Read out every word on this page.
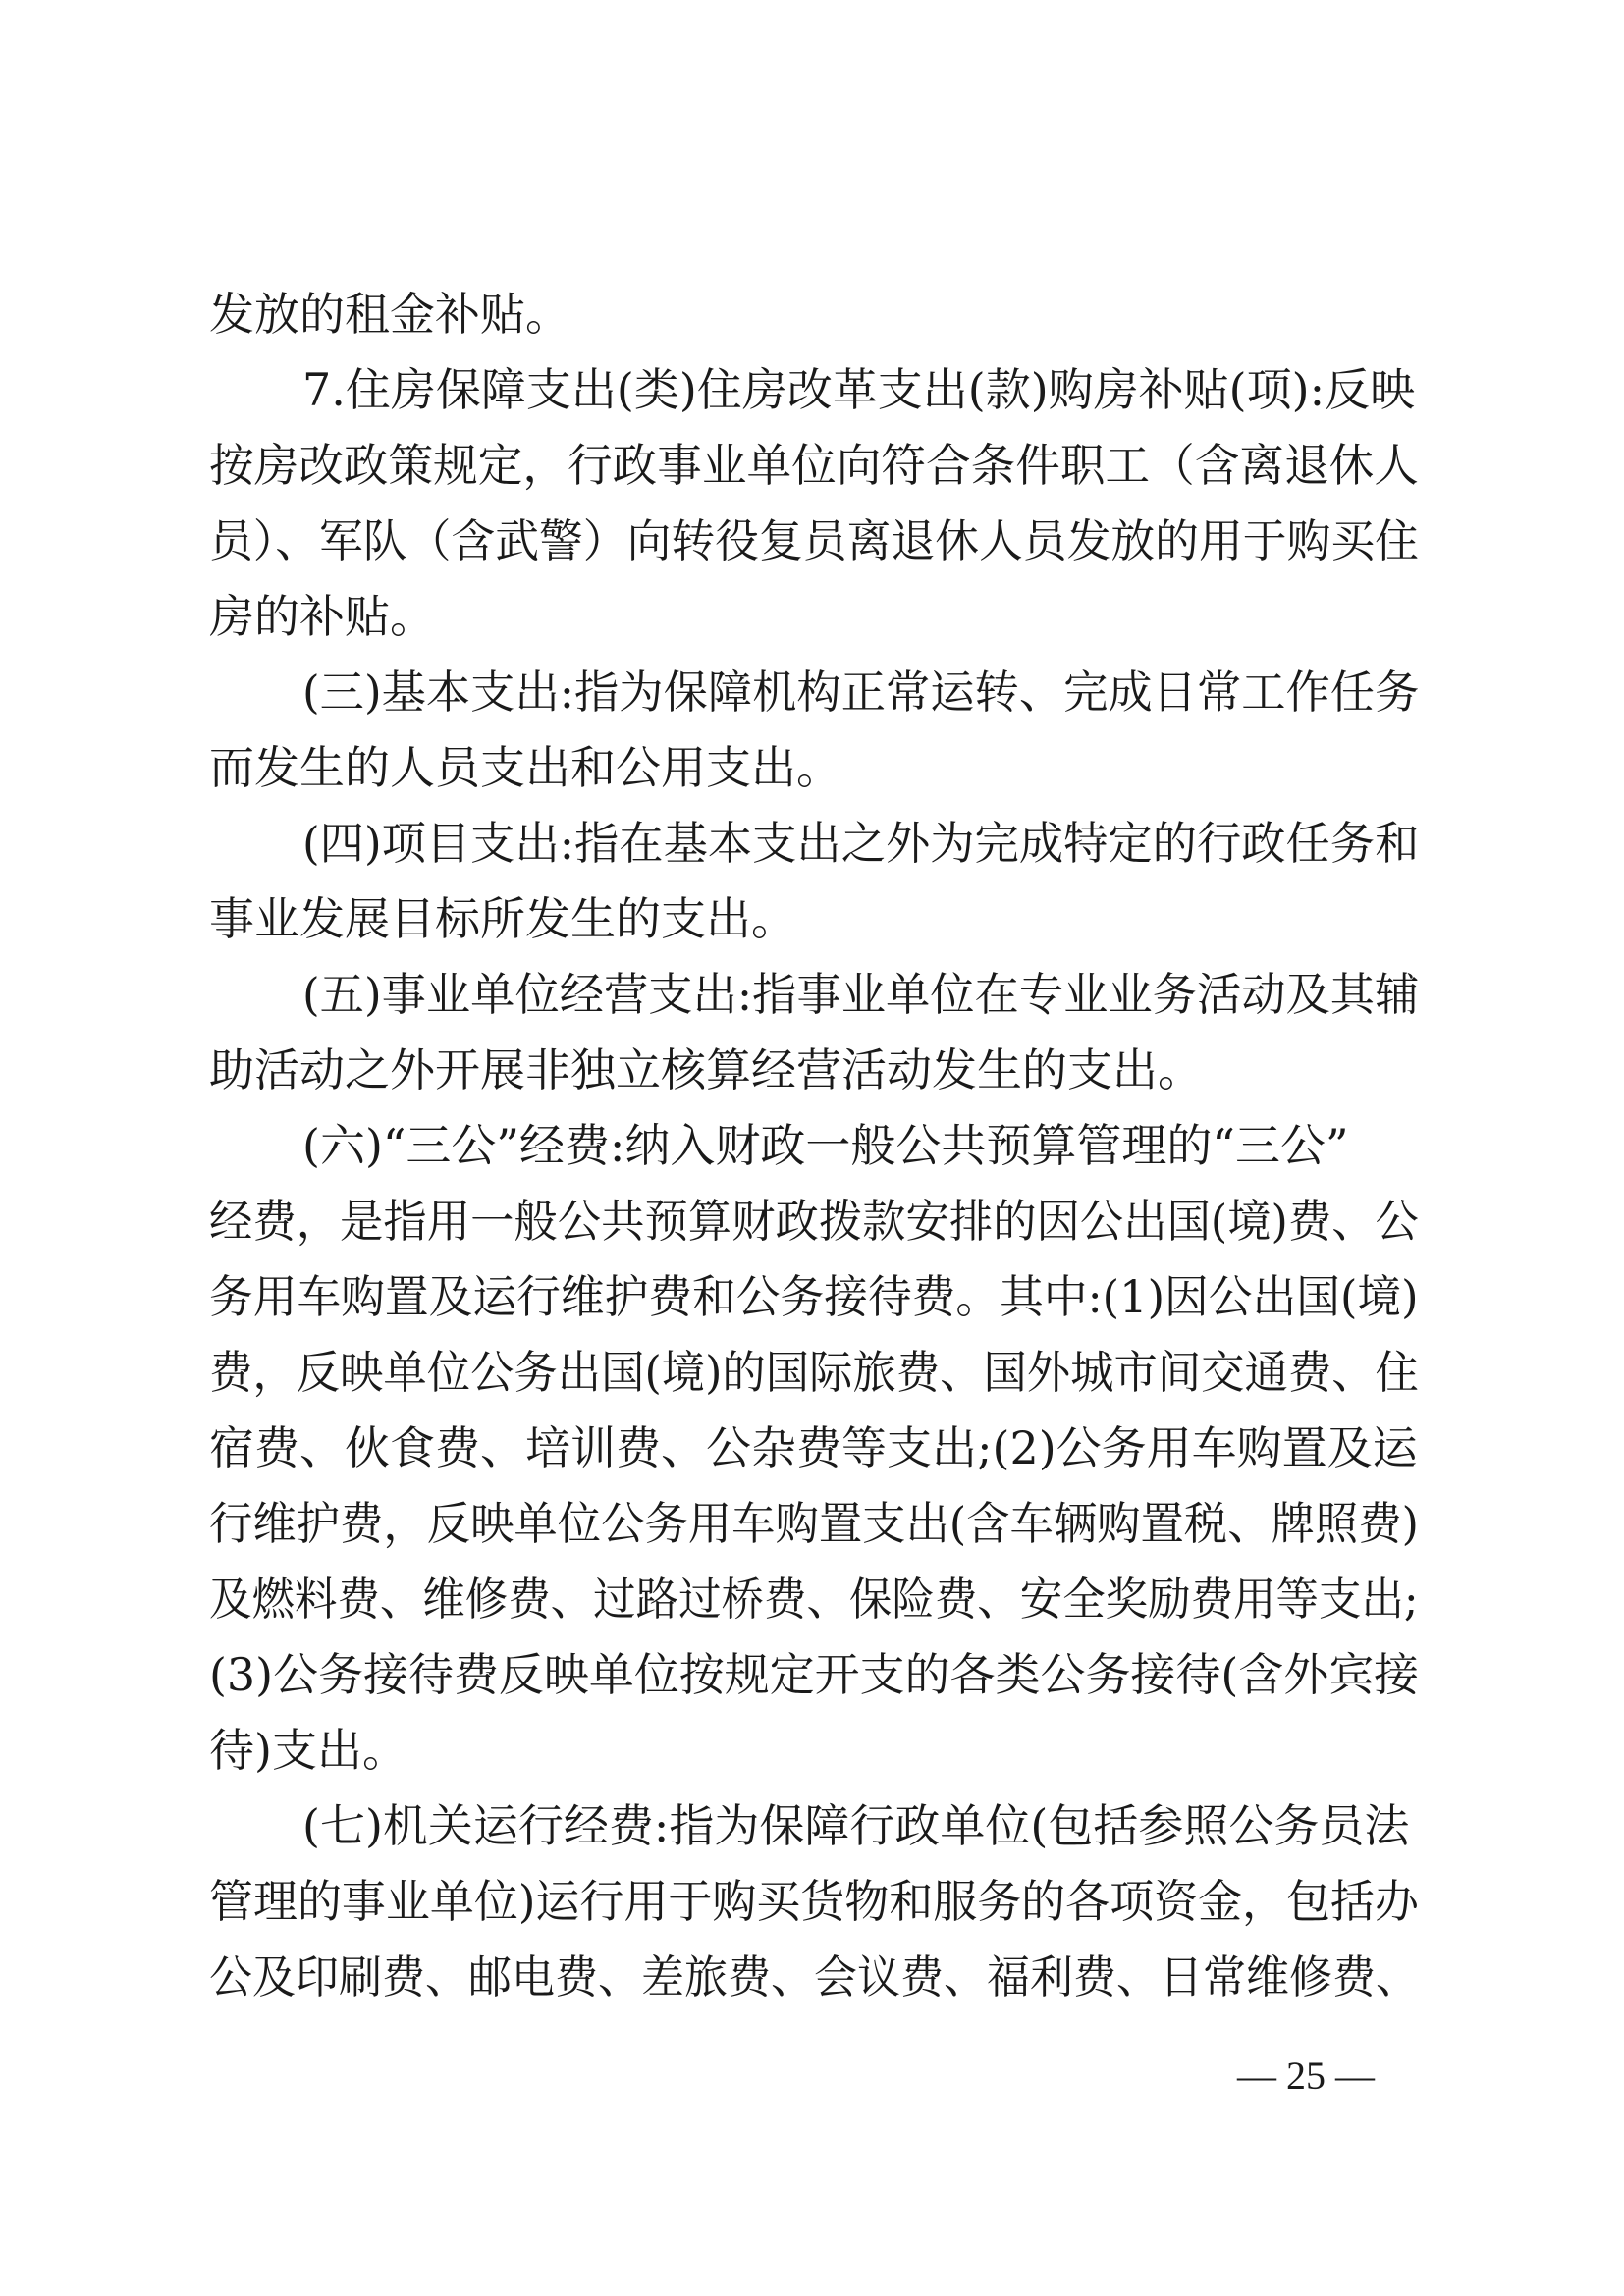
发放的租金补贴。

7.住房保障支出(类)住房改革支出(款)购房补贴(项):反映

按房改政策规定，行政事业单位向符合条件职工（含离退休人

员）、军队（含武警）向转役复员离退休人员发放的用于购买住

房的补贴。

(三)基本支出:指为保障机构正常运转、完成日常工作任务

而发生的人员支出和公用支出。

(四)项目支出:指在基本支出之外为完成特定的行政任务和

事业发展目标所发生的支出。

(五)事业单位经营支出:指事业单位在专业业务活动及其辅

助活动之外开展非独立核算经营活动发生的支出。

(六)“三公”经费:纳入财政一般公共预算管理的“三公”

经费，是指用一般公共预算财政拨款安排的因公出国(境)费、公

务用车购置及运行维护费和公务接待费。其中:(1)因公出国(境)

费，反映单位公务出国(境)的国际旅费、国外城市间交通费、住

宿费、伙食费、培训费、公杂费等支出;(2)公务用车购置及运

行维护费，反映单位公务用车购置支出(含车辆购置税、牌照费)

及燃料费、维修费、过路过桥费、保险费、安全奖励费用等支出;

(3)公务接待费反映单位按规定开支的各类公务接待(含外宾接

待)支出。

(七)机关运行经费:指为保障行政单位(包括参照公务员法

管理的事业单位)运行用于购买货物和服务的各项资金，包括办

公及印刷费、邮电费、差旅费、会议费、福利费、日常维修费、

— 25 —
